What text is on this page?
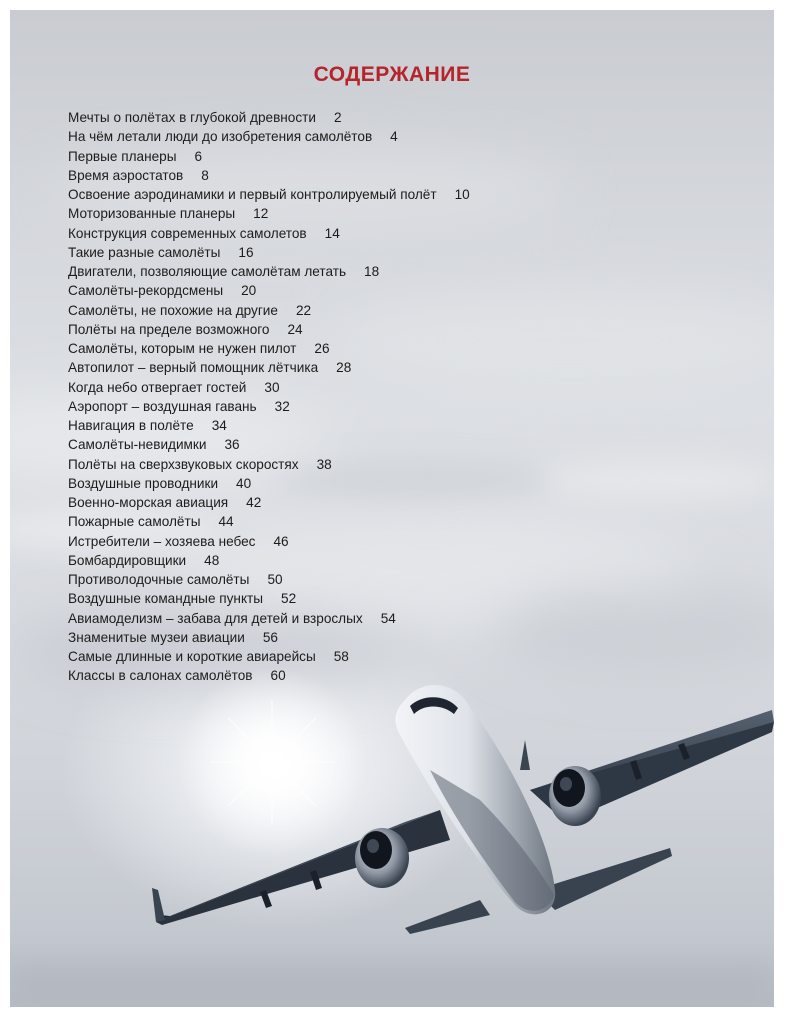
СОДЕРЖАНИЕ
Мечты о полётах в глубокой древности 2
На чём летали люди до изобретения самолётов 4
Первые планеры 6
Время аэростатов 8
Освоение аэродинамики и первый контролируемый полёт 10
Моторизованные планеры 12
Конструкция современных самолетов 14
Такие разные самолёты 16
Двигатели, позволяющие самолётам летать 18
Самолёты-рекордсмены 20
Самолёты, не похожие на другие 22
Полёты на пределе возможного 24
Самолёты, которым не нужен пилот 26
Автопилот – верный помощник лётчика 28
Когда небо отвергает гостей 30
Аэропорт – воздушная гавань 32
Навигация в полёте 34
Самолёты-невидимки 36
Полёты на сверхзвуковых скоростях 38
Воздушные проводники 40
Военно-морская авиация 42
Пожарные самолёты 44
Истребители – хозяева небес 46
Бомбардировщики 48
Противолодочные самолёты 50
Воздушные командные пункты 52
Авиамоделизм – забава для детей и взрослых 54
Знаменитые музеи авиации 56
Самые длинные и короткие авиарейсы 58
Классы в салонах самолётов 60
